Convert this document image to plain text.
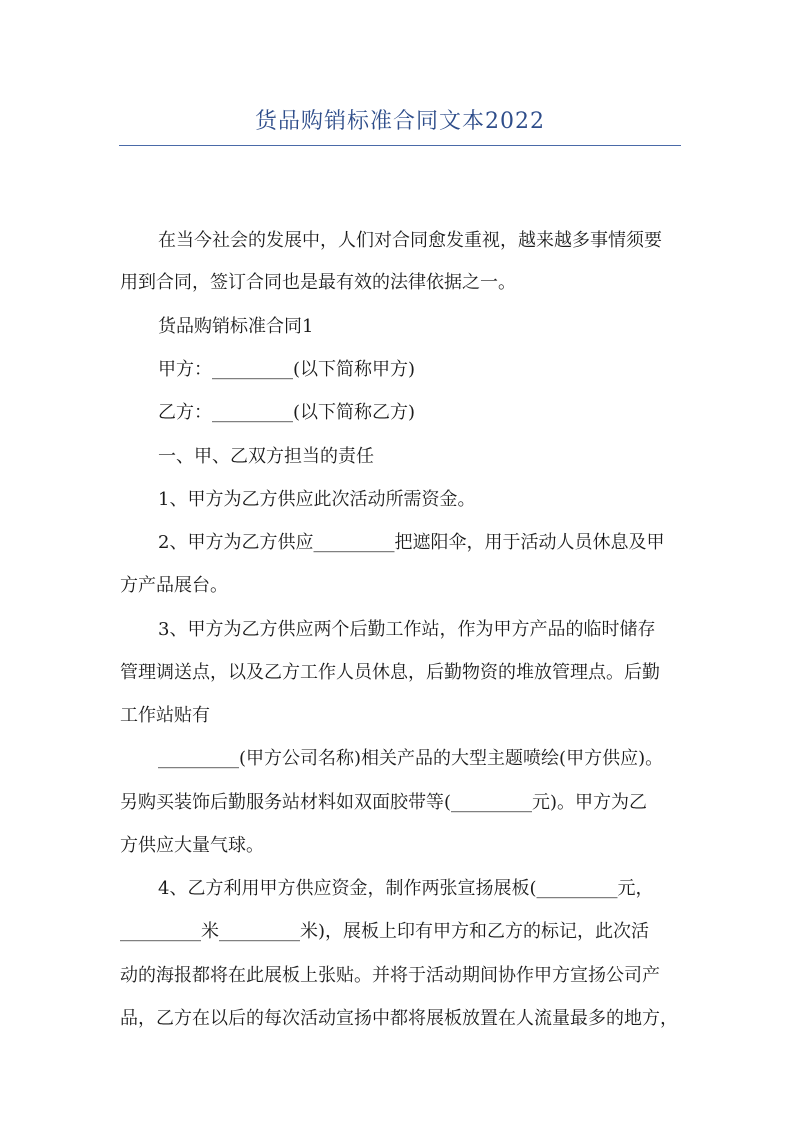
货品购销标准合同文本2022
在当今社会的发展中，人们对合同愈发重视，越来越多事情须要
用到合同，签订合同也是最有效的法律依据之一。
货品购销标准合同1
甲方：_________(以下简称甲方)
乙方：_________(以下简称乙方)
一、甲、乙双方担当的责任
1、甲方为乙方供应此次活动所需资金。
2、甲方为乙方供应_________把遮阳伞，用于活动人员休息及甲
方产品展台。
3、甲方为乙方供应两个后勤工作站，作为甲方产品的临时储存
管理调送点，以及乙方工作人员休息，后勤物资的堆放管理点。后勤
工作站贴有
_________(甲方公司名称)相关产品的大型主题喷绘(甲方供应)。
另购买装饰后勤服务站材料如双面胶带等(_________元)。甲方为乙
方供应大量气球。
4、乙方利用甲方供应资金，制作两张宣扬展板(_________元，
_________米_________米)，展板上印有甲方和乙方的标记，此次活
动的海报都将在此展板上张贴。并将于活动期间协作甲方宣扬公司产
品，乙方在以后的每次活动宣扬中都将展板放置在人流量最多的地方，
